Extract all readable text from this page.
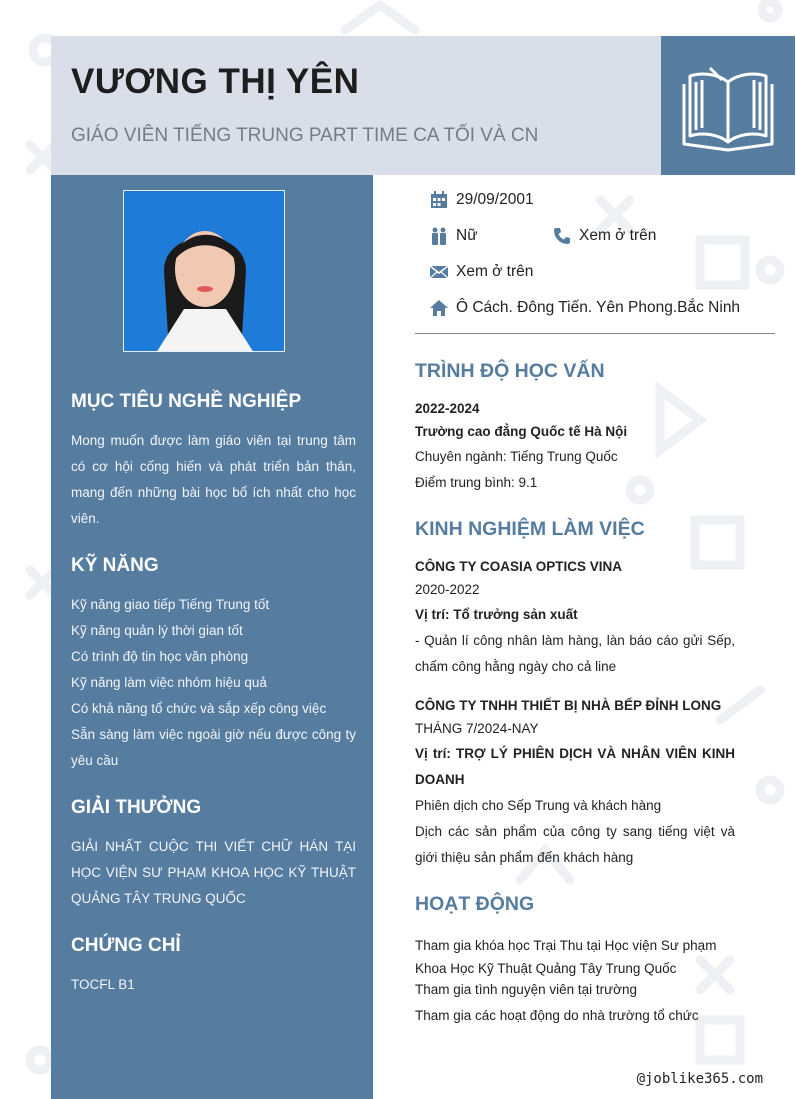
VƯƠNG THỊ YÊN

GIÁO VIÊN TIẾNG TRUNG PART TIME CA TỐI VÀ CN

MỤC TIÊU NGHỀ NGHIỆP
Mong muốn được làm giáo viên tại trung tâm có cơ hội cống hiến và phát triển bản thân, mang đến những bài học bổ ích nhất cho học viên.
KỸ NĂNG
Kỹ năng giao tiếp Tiếng Trung tốt
Kỹ năng quản lý thời gian tốt
Có trình độ tin học văn phòng
Kỹ năng làm việc nhóm hiệu quả
Có khả năng tổ chức và sắp xếp công việc
Sẵn sàng làm việc ngoài giờ nếu được công ty yêu cầu
GIẢI THƯỞNG
GIẢI NHẤT CUỘC THI VIẾT CHỮ HÁN TẠI HỌC VIỆN SƯ PHẠM KHOA HỌC KỸ THUẬT QUẢNG TÂY TRUNG QUỐC
CHỨNG CHỈ
TOCFL B1
29/09/2001
Nữ	Xem ở trên
Xem ở trên
Ô Cách. Đông Tiến. Yên Phong.Bắc Ninh
TRÌNH ĐỘ HỌC VẤN
2022-2024
Trường cao đẳng Quốc tế Hà Nội
Chuyên ngành: Tiếng Trung Quốc
Điểm trung bình: 9.1
KINH NGHIỆM LÀM VIỆC
CÔNG TY COASIA OPTICS VINA
2020-2022
Vị trí: Tổ trưởng sản xuất
- Quản lí công nhân làm hàng, làn báo cáo gửi Sếp, chấm công hằng ngày cho cả line
CÔNG TY TNHH THIẾT BỊ NHÀ BẾP ĐỈNH LONG
THÁNG 7/2024-NAY
Vị trí: TRỢ LÝ PHIÊN DỊCH VÀ NHÂN VIÊN KINH DOANH
Phiên dịch cho Sếp Trung và khách hàng
Dịch các sản phẩm của công ty sang tiếng việt và giới thiệu sản phẩm đến khách hàng
HOẠT ĐỘNG
Tham gia khóa học Trại Thu tại Học viện Sư phạm Khoa Học Kỹ Thuật Quảng Tây Trung Quốc
Tham gia tình nguyện viên tại trường
Tham gia các hoạt động do nhà trường tổ chức
@joblike365.com
